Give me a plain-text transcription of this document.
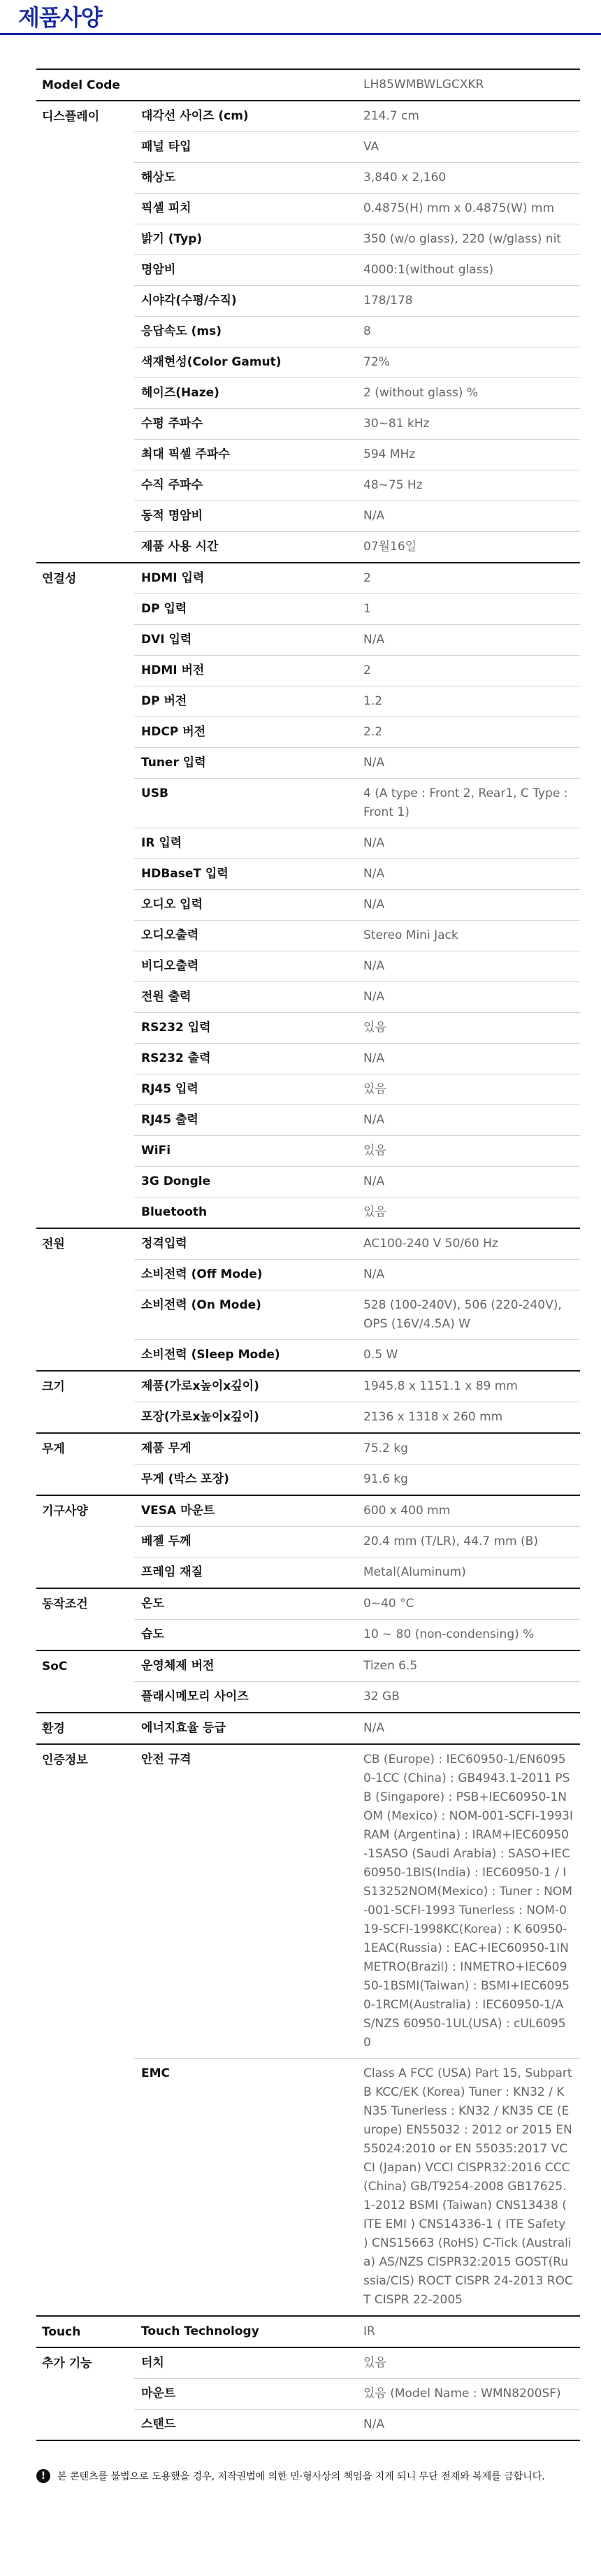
제품사양
Model Code		LH85WMBWLGCXKR
디스플레이	대각선 사이즈 (cm)	214.7 cm
	패널 타입	VA
	해상도	3,840 x 2,160
	픽셀 피치	0.4875(H) mm x 0.4875(W) mm
	밝기 (Typ)	350 (w/o glass), 220 (w/glass) nit
	명암비	4000:1(without glass)
	시야각(수평/수직)	178/178
	응답속도 (ms)	8
	색재현성(Color Gamut)	72%
	헤이즈(Haze)	2 (without glass) %
	수평 주파수	30~81 kHz
	최대 픽셀 주파수	594 MHz
	수직 주파수	48~75 Hz
	동적 명암비	N/A
	제품 사용 시간	07월16일
연결성	HDMI 입력	2
	DP 입력	1
	DVI 입력	N/A
	HDMI 버전	2
	DP 버전	1.2
	HDCP 버전	2.2
	Tuner 입력	N/A
	USB	4 (A type : Front 2, Rear1, C Type : Front 1)
	IR 입력	N/A
	HDBaseT 입력	N/A
	오디오 입력	N/A
	오디오출력	Stereo Mini Jack
	비디오출력	N/A
	전원 출력	N/A
	RS232 입력	있음
	RS232 출력	N/A
	RJ45 입력	있음
	RJ45 출력	N/A
	WiFi	있음
	3G Dongle	N/A
	Bluetooth	있음
전원	정격입력	AC100-240 V 50/60 Hz
	소비전력 (Off Mode)	N/A
	소비전력 (On Mode)	528 (100-240V), 506 (220-240V), OPS (16V/4.5A) W
	소비전력 (Sleep Mode)	0.5 W
크기	제품(가로x높이x깊이)	1945.8 x 1151.1 x 89 mm
	포장(가로x높이x깊이)	2136 x 1318 x 260 mm
무게	제품 무게	75.2 kg
	무게 (박스 포장)	91.6 kg
기구사양	VESA 마운트	600 x 400 mm
	베젤 두께	20.4 mm (T/LR), 44.7 mm (B)
	프레임 재질	Metal(Aluminum)
동작조건	온도	0~40 °C
	습도	10 ~ 80 (non-condensing) %
SoC	운영체제 버전	Tizen 6.5
	플래시메모리 사이즈	32 GB
환경	에너지효율 등급	N/A
인증정보	안전 규격	CB (Europe) : IEC60950-1/EN60950-1CC (China) : GB4943.1-2011 PSB (Singapore) : PSB+IEC60950-1NOM (Mexico) : NOM-001-SCFI-1993IRAM (Argentina) : IRAM+IEC60950-1SASO (Saudi Arabia) : SASO+IEC60950-1BIS(India) : IEC60950-1 / IS13252NOM(Mexico) : Tuner : NOM-001-SCFI-1993 Tunerless : NOM-019-SCFI-1998KC(Korea) : K 60950-1EAC(Russia) : EAC+IEC60950-1INMETRO(Brazil) : INMETRO+IEC60950-1BSMI(Taiwan) : BSMI+IEC60950-1RCM(Australia) : IEC60950-1/AS/NZS 60950-1UL(USA) : cUL60950
	EMC	Class A FCC (USA) Part 15, Subpart B KCC/EK (Korea) Tuner : KN32 / KN35 Tunerless : KN32 / KN35 CE (Europe) EN55032 : 2012 or 2015 EN55024:2010 or EN 55035:2017 VCCI (Japan) VCCI CISPR32:2016 CCC(China) GB/T9254-2008 GB17625.1-2012 BSMI (Taiwan) CNS13438 ( ITE EMI ) CNS14336-1 ( ITE Safety ) CNS15663 (RoHS) C-Tick (Australia) AS/NZS CISPR32:2015 GOST(Russia/CIS) ROCT CISPR 24-2013 ROCT CISPR 22-2005
Touch	Touch Technology	IR
추가 기능	터치	있음
	마운트	있음 (Model Name : WMN8200SF)
	스탠드	N/A
!	본 콘텐츠를 불법으로 도용했을 경우, 저작권법에 의한 민·형사상의 책임을 지게 되니 무단 전재와 복제를 금합니다.
